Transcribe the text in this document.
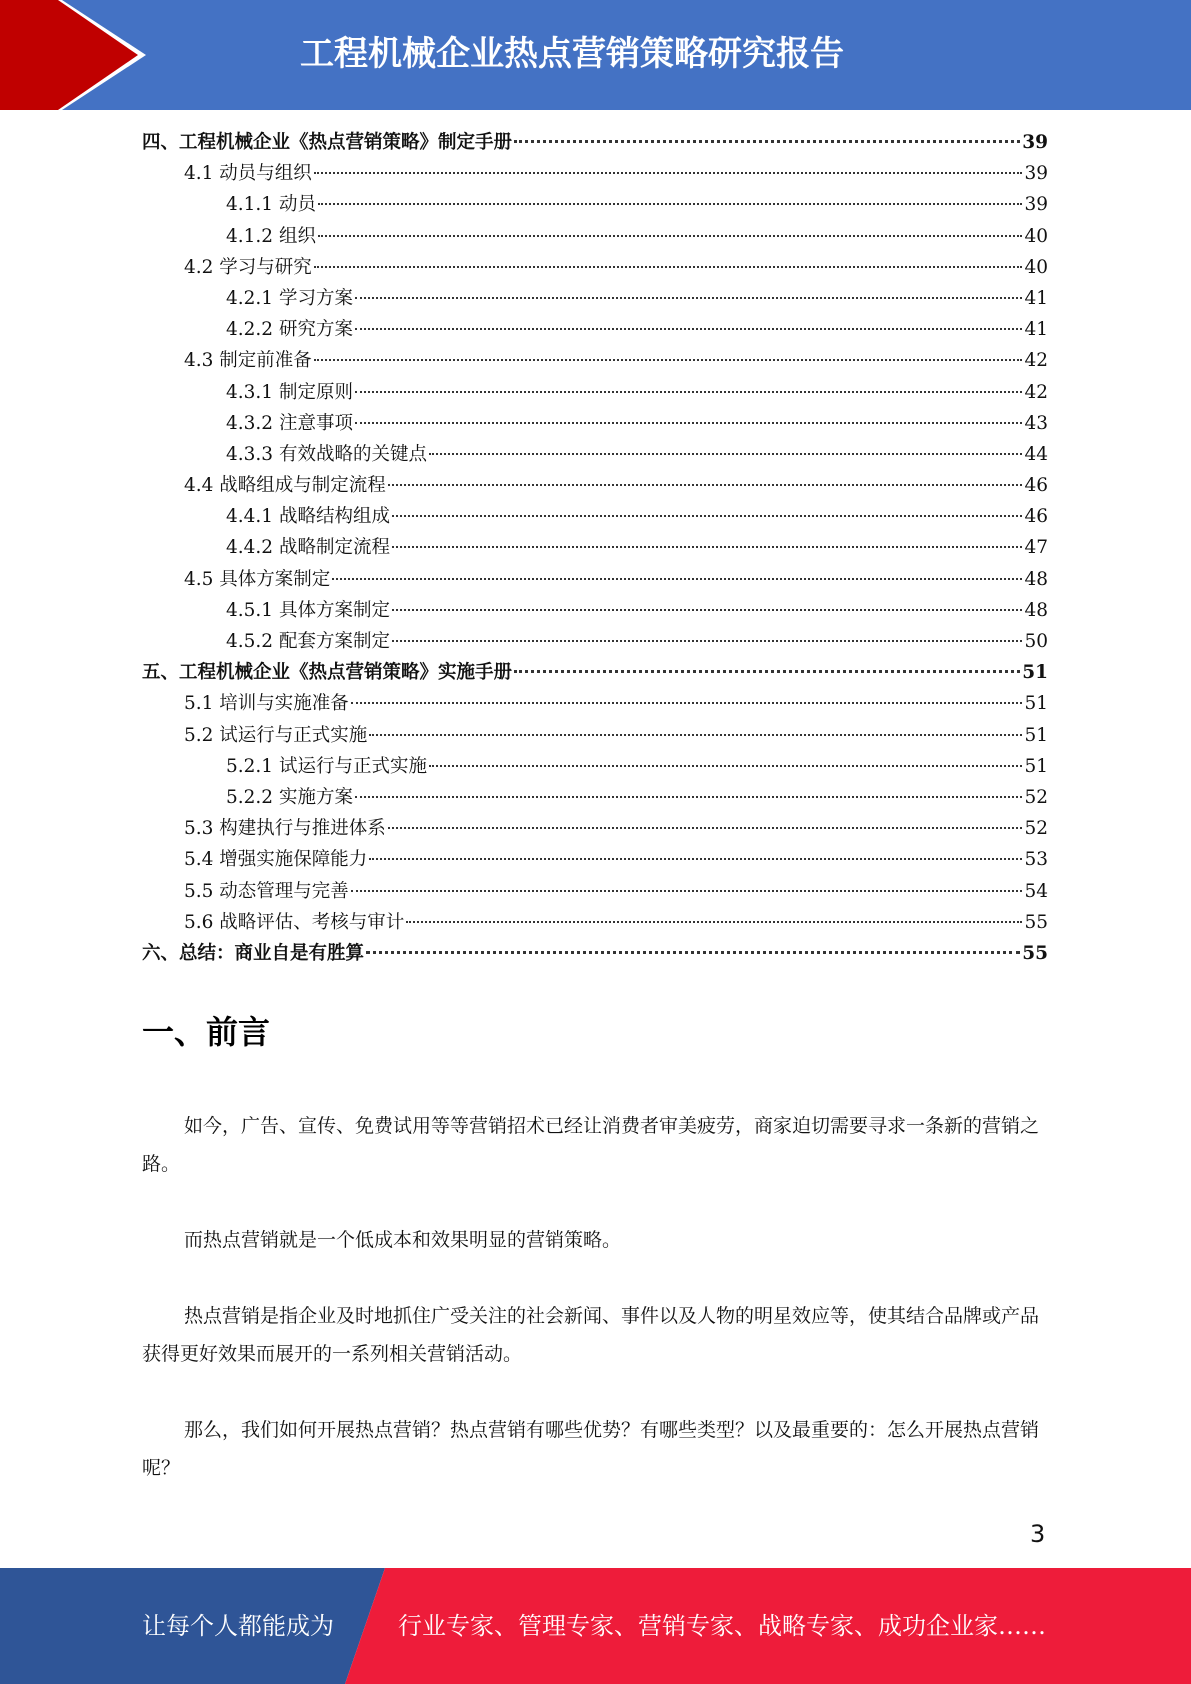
工程机械企业热点营销策略研究报告
四、工程机械企业《热点营销策略》制定手册	39
4.1 动员与组织	39
4.1.1 动员	39
4.1.2 组织	40
4.2 学习与研究	40
4.2.1 学习方案	41
4.2.2 研究方案	41
4.3 制定前准备	42
4.3.1 制定原则	42
4.3.2 注意事项	43
4.3.3 有效战略的关键点	44
4.4 战略组成与制定流程	46
4.4.1 战略结构组成	46
4.4.2 战略制定流程	47
4.5 具体方案制定	48
4.5.1 具体方案制定	48
4.5.2 配套方案制定	50
五、工程机械企业《热点营销策略》实施手册	51
5.1 培训与实施准备	51
5.2 试运行与正式实施	51
5.2.1 试运行与正式实施	51
5.2.2 实施方案	52
5.3 构建执行与推进体系	52
5.4 增强实施保障能力	53
5.5 动态管理与完善	54
5.6 战略评估、考核与审计	55
六、总结：商业自是有胜算	55
一、前言

如今，广告、宣传、免费试用等等营销招术已经让消费者审美疲劳，商家迫切需要寻求一条新的营销之路。

而热点营销就是一个低成本和效果明显的营销策略。

热点营销是指企业及时地抓住广受关注的社会新闻、事件以及人物的明星效应等，使其结合品牌或产品获得更好效果而展开的一系列相关营销活动。

那么，我们如何开展热点营销？热点营销有哪些优势？有哪些类型？以及最重要的：怎么开展热点营销呢？

3
让每个人都能成为	行业专家、管理专家、营销专家、战略专家、成功企业家……
